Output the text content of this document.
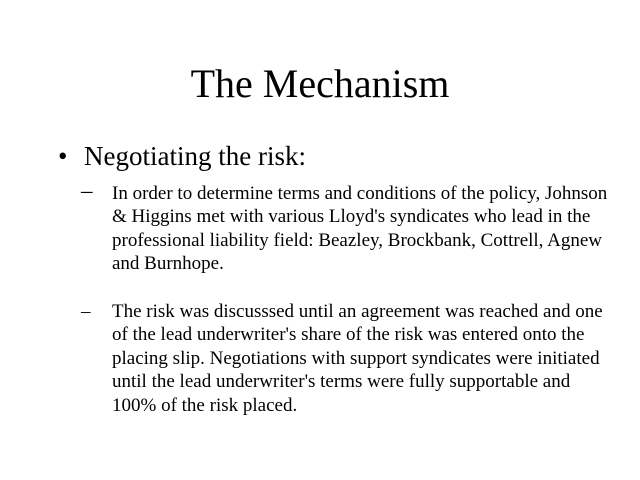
The Mechanism
• Negotiating the risk:
– In order to determine terms and conditions of the policy, Johnson & Higgins met with various Lloyd's syndicates who lead in the professional liability field: Beazley, Brockbank, Cottrell, Agnew and Burnhope.
– The risk was discusssed until an agreement was reached and one of the lead underwriter's share of the risk was entered onto the placing slip. Negotiations with support syndicates were initiated until the lead underwriter's terms were fully supportable and 100% of the risk placed.
